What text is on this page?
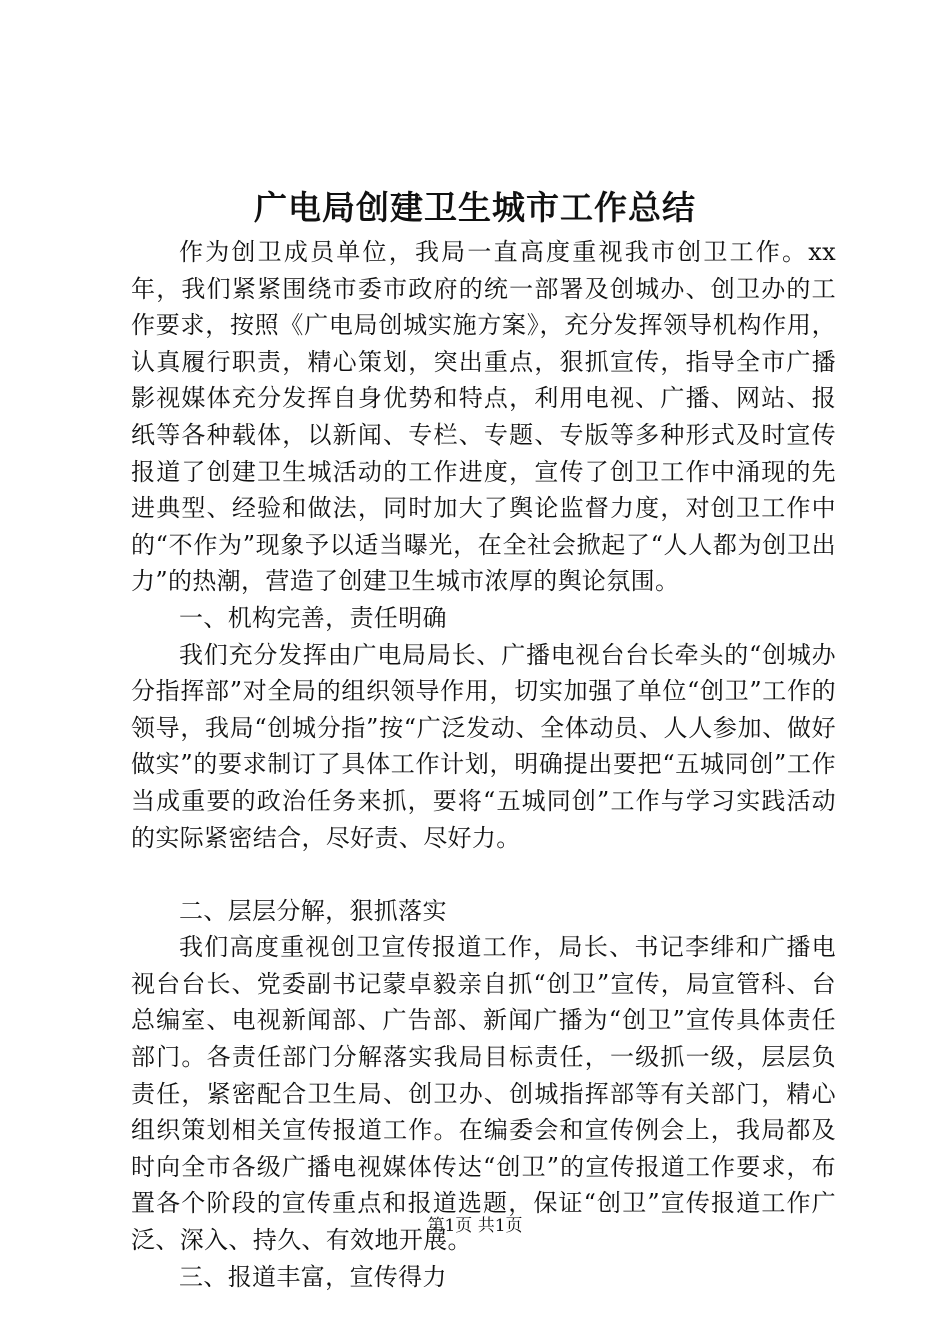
广电局创建卫生城市工作总结

作为创卫成员单位，我局一直高度重视我市创卫工作。xx年，我们紧紧围绕市委市政府的统一部署及创城办、创卫办的工作要求，按照《广电局创城实施方案》，充分发挥领导机构作用，认真履行职责，精心策划，突出重点，狠抓宣传，指导全市广播影视媒体充分发挥自身优势和特点，利用电视、广播、网站、报纸等各种载体，以新闻、专栏、专题、专版等多种形式及时宣传报道了创建卫生城活动的工作进度，宣传了创卫工作中涌现的先进典型、经验和做法，同时加大了舆论监督力度，对创卫工作中的“不作为”现象予以适当曝光，在全社会掀起了“人人都为创卫出力”的热潮，营造了创建卫生城市浓厚的舆论氛围。

一、机构完善，责任明确

我们充分发挥由广电局局长、广播电视台台长牵头的“创城办分指挥部”对全局的组织领导作用，切实加强了单位“创卫”工作的领导，我局“创城分指”按“广泛发动、全体动员、人人参加、做好做实”的要求制订了具体工作计划，明确提出要把“五城同创”工作当成重要的政治任务来抓，要将“五城同创”工作与学习实践活动的实际紧密结合，尽好责、尽好力。

二、层层分解，狠抓落实

我们高度重视创卫宣传报道工作，局长、书记李绯和广播电视台台长、党委副书记蒙卓毅亲自抓“创卫”宣传，局宣管科、台总编室、电视新闻部、广告部、新闻广播为“创卫”宣传具体责任部门。各责任部门分解落实我局目标责任，一级抓一级，层层负责任，紧密配合卫生局、创卫办、创城指挥部等有关部门，精心组织策划相关宣传报道工作。在编委会和宣传例会上，我局都及时向全市各级广播电视媒体传达“创卫”的宣传报道工作要求，布置各个阶段的宣传重点和报道选题，保证“创卫”宣传报道工作广泛、深入、持久、有效地开展。

三、报道丰富，宣传得力

第1页 共1页
